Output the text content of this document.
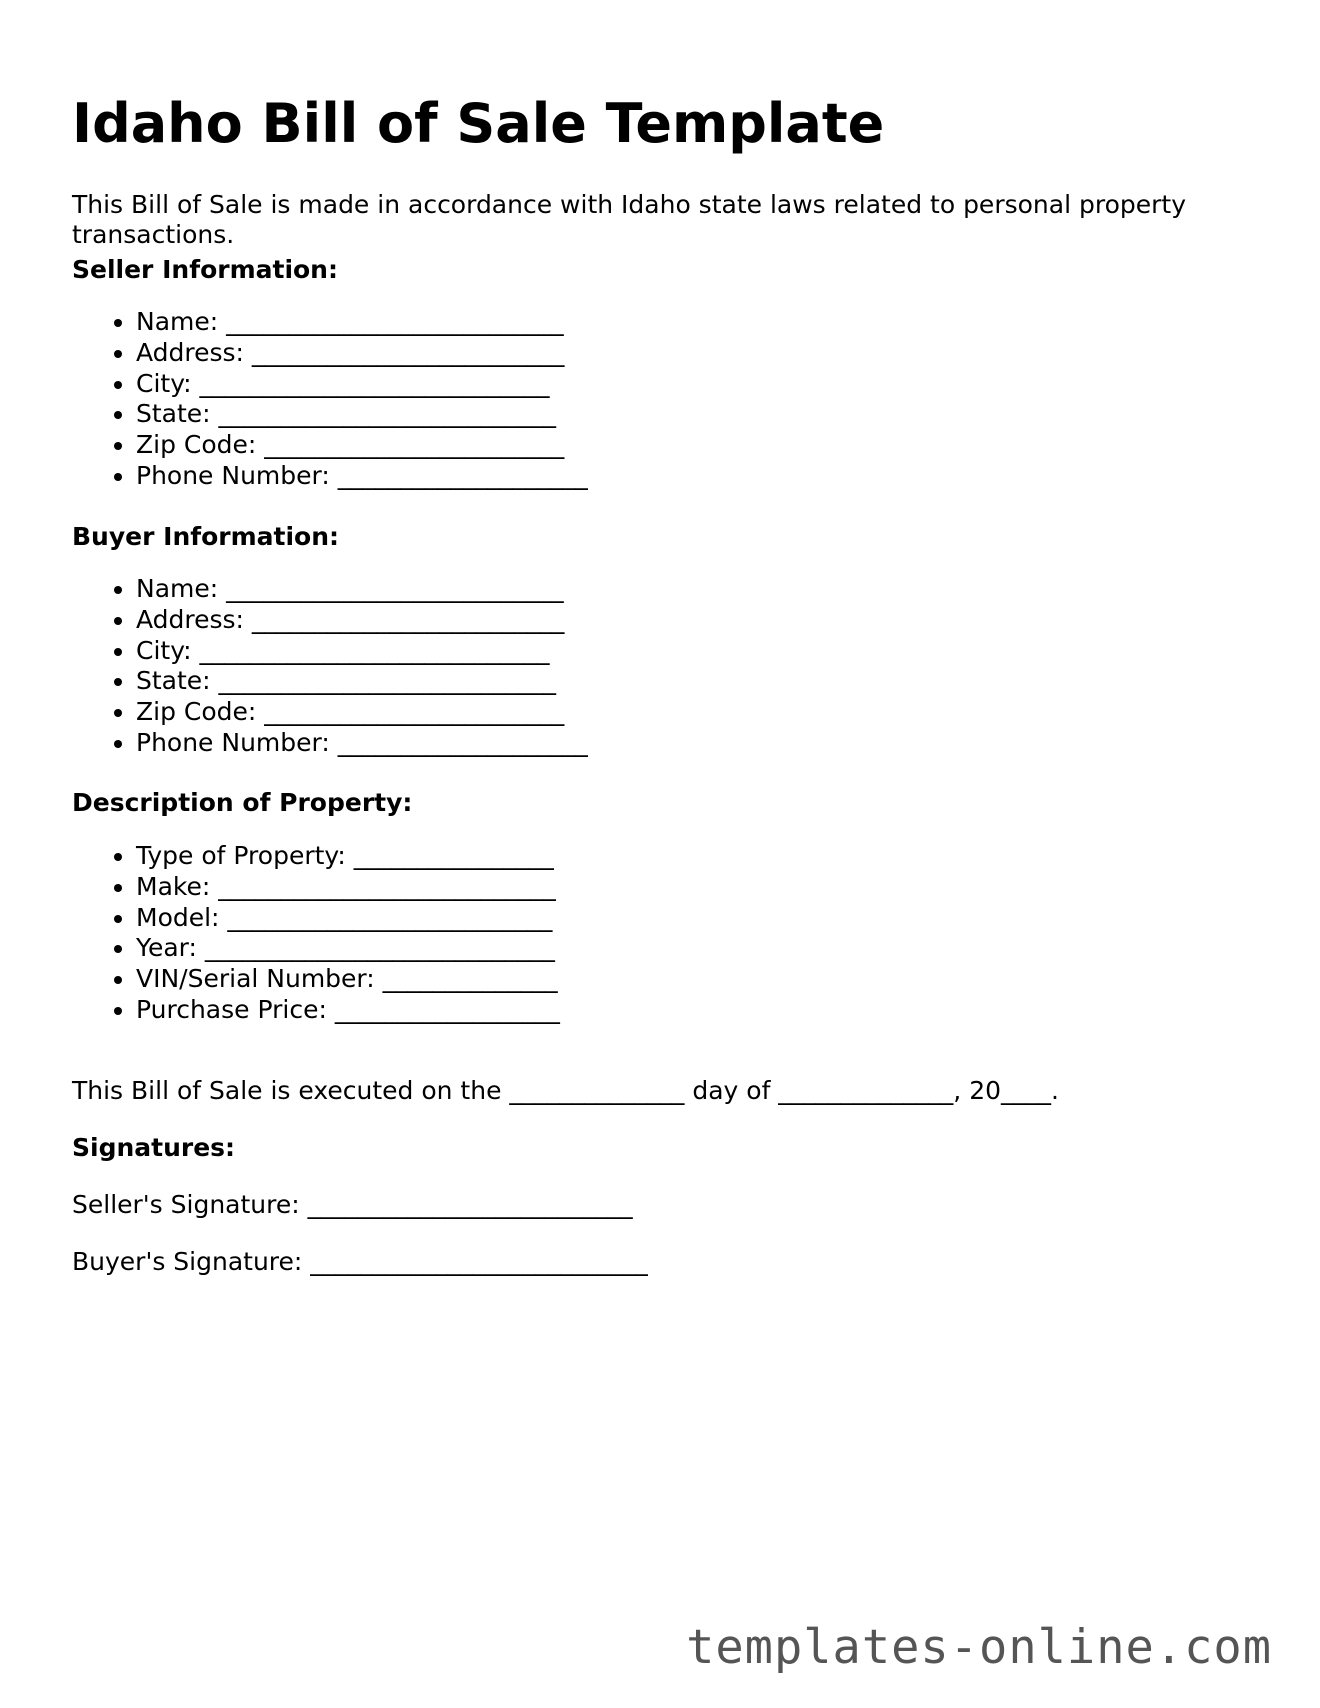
Idaho Bill of Sale Template

This Bill of Sale is made in accordance with Idaho state laws related to personal property transactions.

Seller Information:
• Name: ___________________________
• Address: _________________________
• City: ____________________________
• State: ___________________________
• Zip Code: ________________________
• Phone Number: ____________________
Buyer Information:
• Name: ___________________________
• Address: _________________________
• City: ____________________________
• State: ___________________________
• Zip Code: ________________________
• Phone Number: ____________________
Description of Property:
• Type of Property: ________________
• Make: ___________________________
• Model: __________________________
• Year: ____________________________
• VIN/Serial Number: ______________
• Purchase Price: __________________

This Bill of Sale is executed on the ______________ day of ______________, 20____.

Signatures:

Seller's Signature: __________________________

Buyer's Signature: ___________________________

templates-online.com
